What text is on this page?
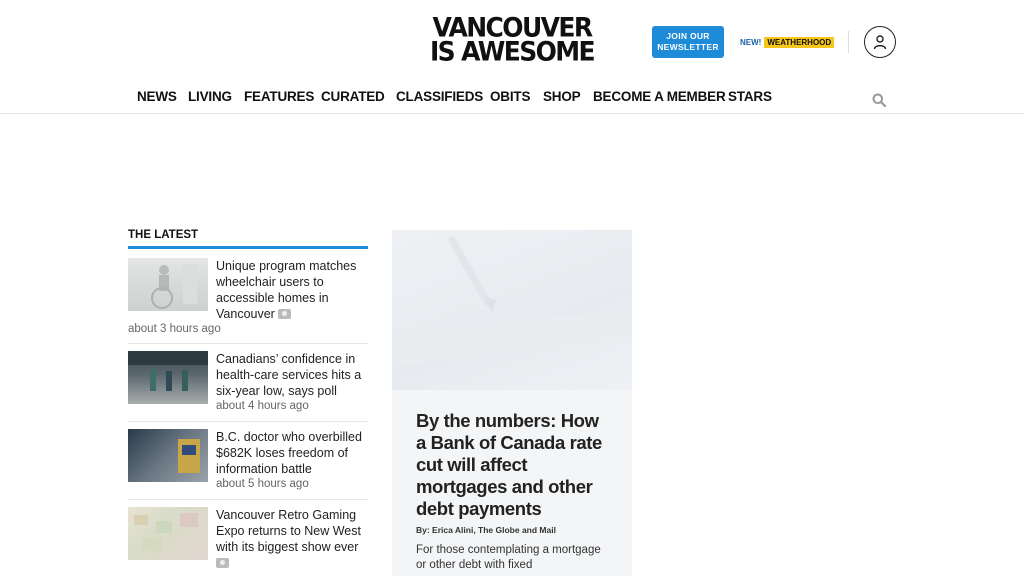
VANCOUVER
IS AWESOME
JOIN OUR
NEWSLETTER	NEW! WEATHERHOOD
NEWS LIVING FEATURES CURATED CLASSIFIEDS OBITS SHOP BECOME A MEMBER STARS
THE LATEST
Unique program matches wheelchair users to accessible homes in Vancouver
about 3 hours ago
Canadians’ confidence in health-care services hits a six-year low, says poll
about 4 hours ago
B.C. doctor who overbilled $682K loses freedom of information battle
about 5 hours ago
Vancouver Retro Gaming Expo returns to New West with its biggest show ever

By the numbers: How a Bank of Canada rate cut will affect mortgages and other debt payments
By: Erica Alini, The Globe and Mail
For those contemplating a mortgage or other debt with fixed
